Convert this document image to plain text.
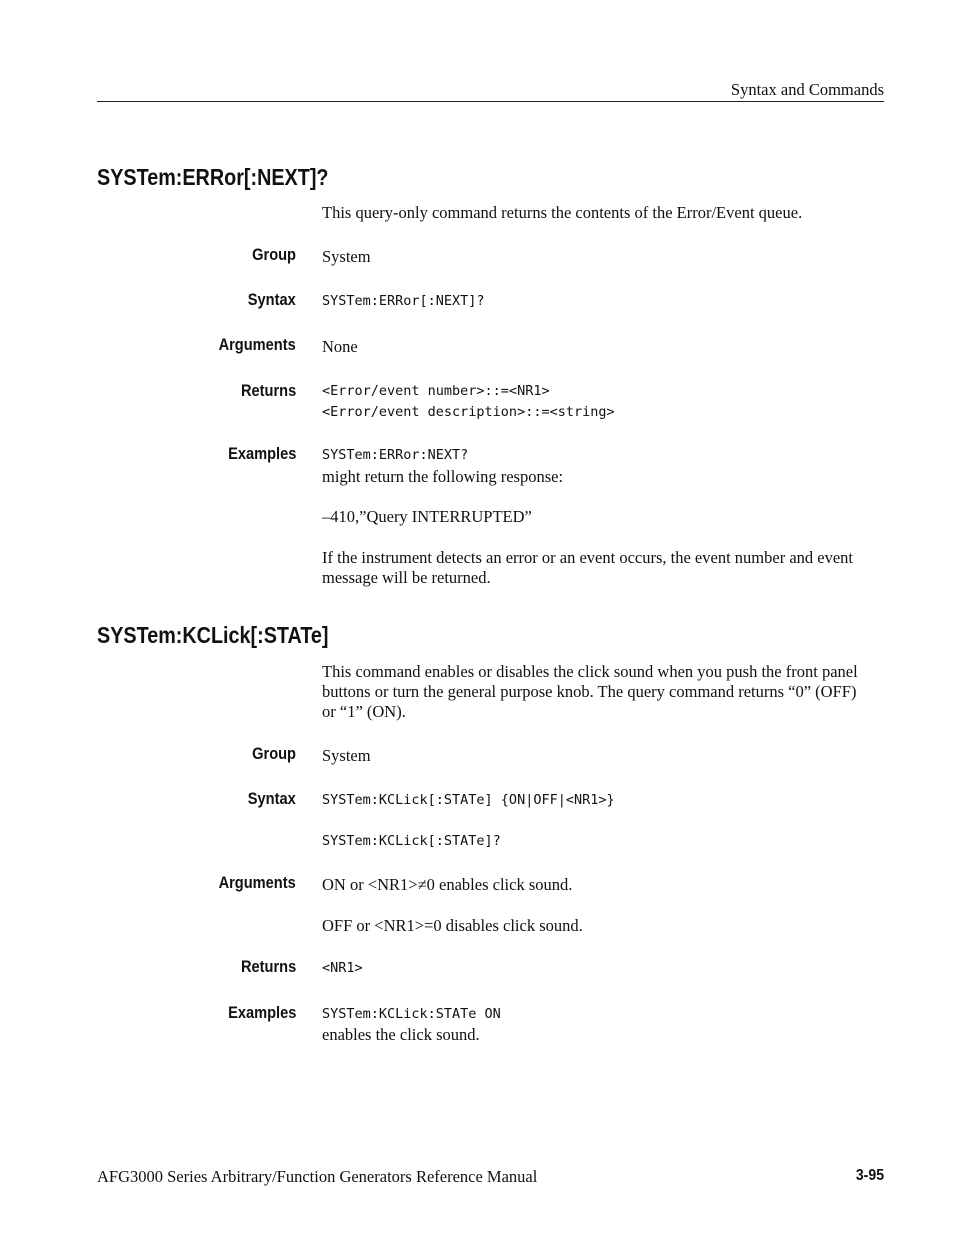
Syntax and Commands
SYSTem:ERRor[:NEXT]?
This query-only command returns the contents of the Error/Event queue.
Group System
Syntax SYSTem:ERRor[:NEXT]?
Arguments None
Returns <Error/event number>::=<NR1>
<Error/event description>::=<string>
Examples SYSTem:ERRor:NEXT?
might return the following response:
–410,”Query INTERRUPTED”
If the instrument detects an error or an event occurs, the event number and event
message will be returned.
SYSTem:KCLick[:STATe]
This command enables or disables the click sound when you push the front panel
buttons or turn the general purpose knob. The query command returns “0” (OFF)
or “1” (ON).
Group System
Syntax SYSTem:KCLick[:STATe] {ON|OFF|<NR1>}
SYSTem:KCLick[:STATe]?
Arguments ON or <NR1>≠0 enables click sound.
OFF or <NR1>=0 disables click sound.
Returns <NR1>
Examples SYSTem:KCLick:STATe ON
enables the click sound.
AFG3000 Series Arbitrary/Function Generators Reference Manual	3-95
